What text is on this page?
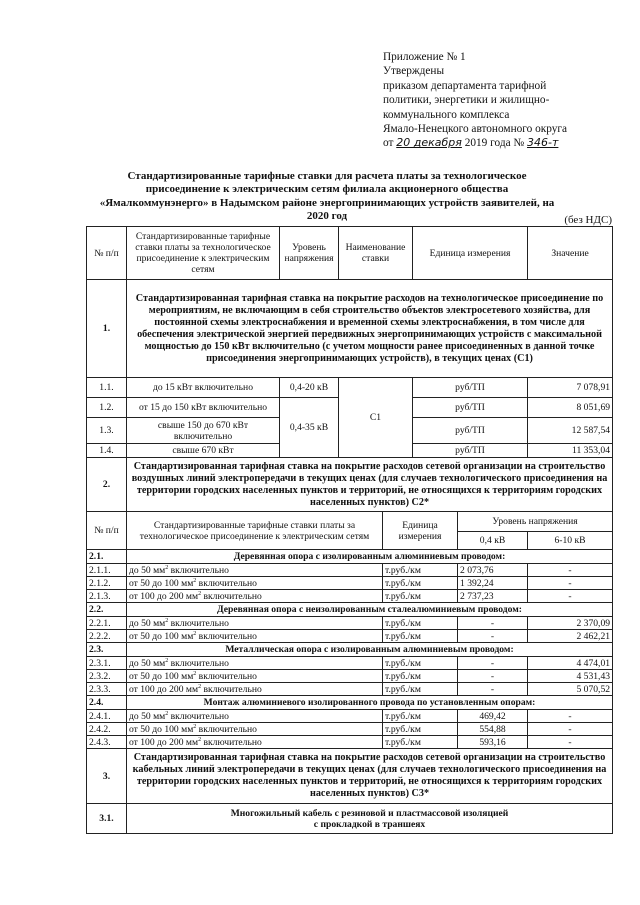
Приложение № 1
Утверждены
приказом департамента тарифной
политики, энергетики и жилищно-
коммунального комплекса
Ямало-Ненецкого автономного округа
от 20 декабря 2019 года № 346-т
Стандартизированные тарифные ставки для расчета платы за технологическое присоединение к электрическим сетям филиала акционерного общества «Ямалкоммунэнерго» в Надымском районе энергопринимающих устройств заявителей, на 2020 год	(без НДС)
№ п/п	Стандартизированные тарифные ставки платы за технологическое присоединение к электрическим сетям	Уровень напряжения	Наименование ставки		Единица измерения		Значение
1.	Стандартизированная тарифная ставка на покрытие расходов на технологическое присоединение по мероприятиям, не включающим в себя строительство объектов электросетевого хозяйства, для постоянной схемы электроснабжения и временной схемы электроснабжения, в том числе для обеспечения электрической энергией передвижных энергопринимающих устройств с максимальной мощностью до 150 кВт включительно (с учетом мощности ранее присоединенных в данной точке присоединения энергопринимающих устройств), в текущих ценах (С1)						
1.1.	до 15 кВт включительно	0,4-20 кВ	С1		руб/ТП		7 078,91
1.2.	от 15 до 150 кВт включительно	0,4-35 кВ			руб/ТП		8 051,69
1.3.	свыше 150 до 670 кВт включительно				руб/ТП		12 587,54
1.4.	свыше 670 кВт				руб/ТП		11 353,04
2.	Стандартизированная тарифная ставка на покрытие расходов сетевой организации на строительство воздушных линий электропередачи в текущих ценах (для случаев технологического присоединения на территории городских населенных пунктов и территорий, не относящихся к территориям городских населенных пунктов) С2*						
№ п/п	Стандартизированные тарифные ставки платы за технологическое присоединение к электрическим сетям			Единица измерения		Уровень напряжения	
						0,4 кВ	6-10 кВ
2.1.	Деревянная опора с изолированным алюминиевым проводом:						
2.1.1.	до 50 $мм^2$ включительно			т.руб./км		2 073,76	-
2.1.2.	от 50 до 100 $мм^2$ включительно			т.руб./км		1 392,24	-
2.1.3.	от 100 до 200 $мм^2$ включительно			т.руб./км		2 737,23	-
2.2.	Деревянная опора с неизолированным сталеалюминиевым проводом:						
2.2.1.	до 50 $мм^2$ включительно			т.руб./км		-	2 370,09
2.2.2.	от 50 до 100 $мм^2$ включительно			т.руб./км		-	2 462,21
2.3.	Металлическая опора с изолированным алюминиевым проводом:						
2.3.1.	до 50 $мм^2$ включительно			т.руб./км		-	4 474,01
2.3.2.	от 50 до 100 $мм^2$ включительно			т.руб./км		-	4 531,43
2.3.3.	от 100 до 200 $мм^2$ включительно			т.руб./км		-	5 070,52
2.4.	Монтаж алюминиевого изолированного провода по установленным опорам:						
2.4.1.	до 50 $мм^2$ включительно			т.руб./км		469,42	-
2.4.2.	от 50 до 100 $мм^2$ включительно			т.руб./км		554,88	-
2.4.3.	от 100 до 200 $мм^2$ включительно			т.руб./км		593,16	-
3.	Стандартизированная тарифная ставка на покрытие расходов сетевой организации на строительство кабельных линий электропередачи в текущих ценах (для случаев технологического присоединения на территории городских населенных пунктов и территорий, не относящихся к территориям городских населенных пунктов) С3*						
3.1.	Многожильный кабель с резиновой и пластмассовой изоляцией
с прокладкой в траншеях						
